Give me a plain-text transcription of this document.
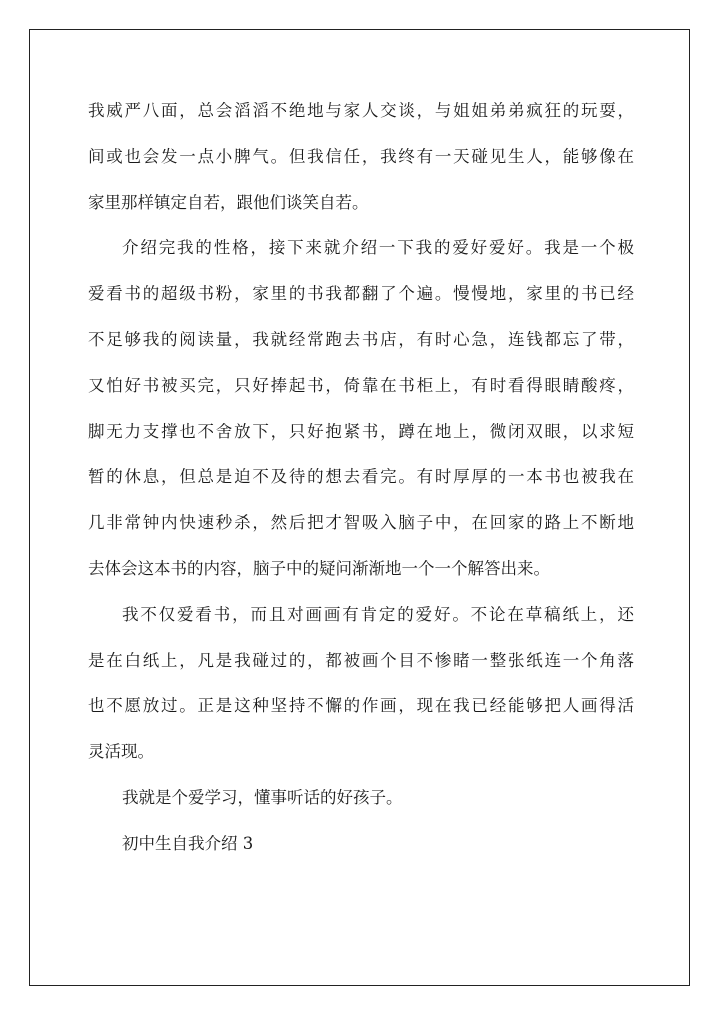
我威严八面，总会滔滔不绝地与家人交谈，与姐姐弟弟疯狂的玩耍，
间或也会发一点小脾气。但我信任，我终有一天碰见生人，能够像在
家里那样镇定自若，跟他们谈笑自若。
介绍完我的性格，接下来就介绍一下我的爱好爱好。我是一个极
爱看书的超级书粉，家里的书我都翻了个遍。慢慢地，家里的书已经
不足够我的阅读量，我就经常跑去书店，有时心急，连钱都忘了带，
又怕好书被买完，只好捧起书，倚靠在书柜上，有时看得眼睛酸疼，
脚无力支撑也不舍放下，只好抱紧书，蹲在地上，微闭双眼，以求短
暂的休息，但总是迫不及待的想去看完。有时厚厚的一本书也被我在
几非常钟内快速秒杀，然后把才智吸入脑子中，在回家的路上不断地
去体会这本书的内容，脑子中的疑问渐渐地一个一个解答出来。
我不仅爱看书，而且对画画有肯定的爱好。不论在草稿纸上，还
是在白纸上，凡是我碰过的，都被画个目不惨睹一整张纸连一个角落
也不愿放过。正是这种坚持不懈的作画，现在我已经能够把人画得活
灵活现。
我就是个爱学习，懂事听话的好孩子。
初中生自我介绍 3
